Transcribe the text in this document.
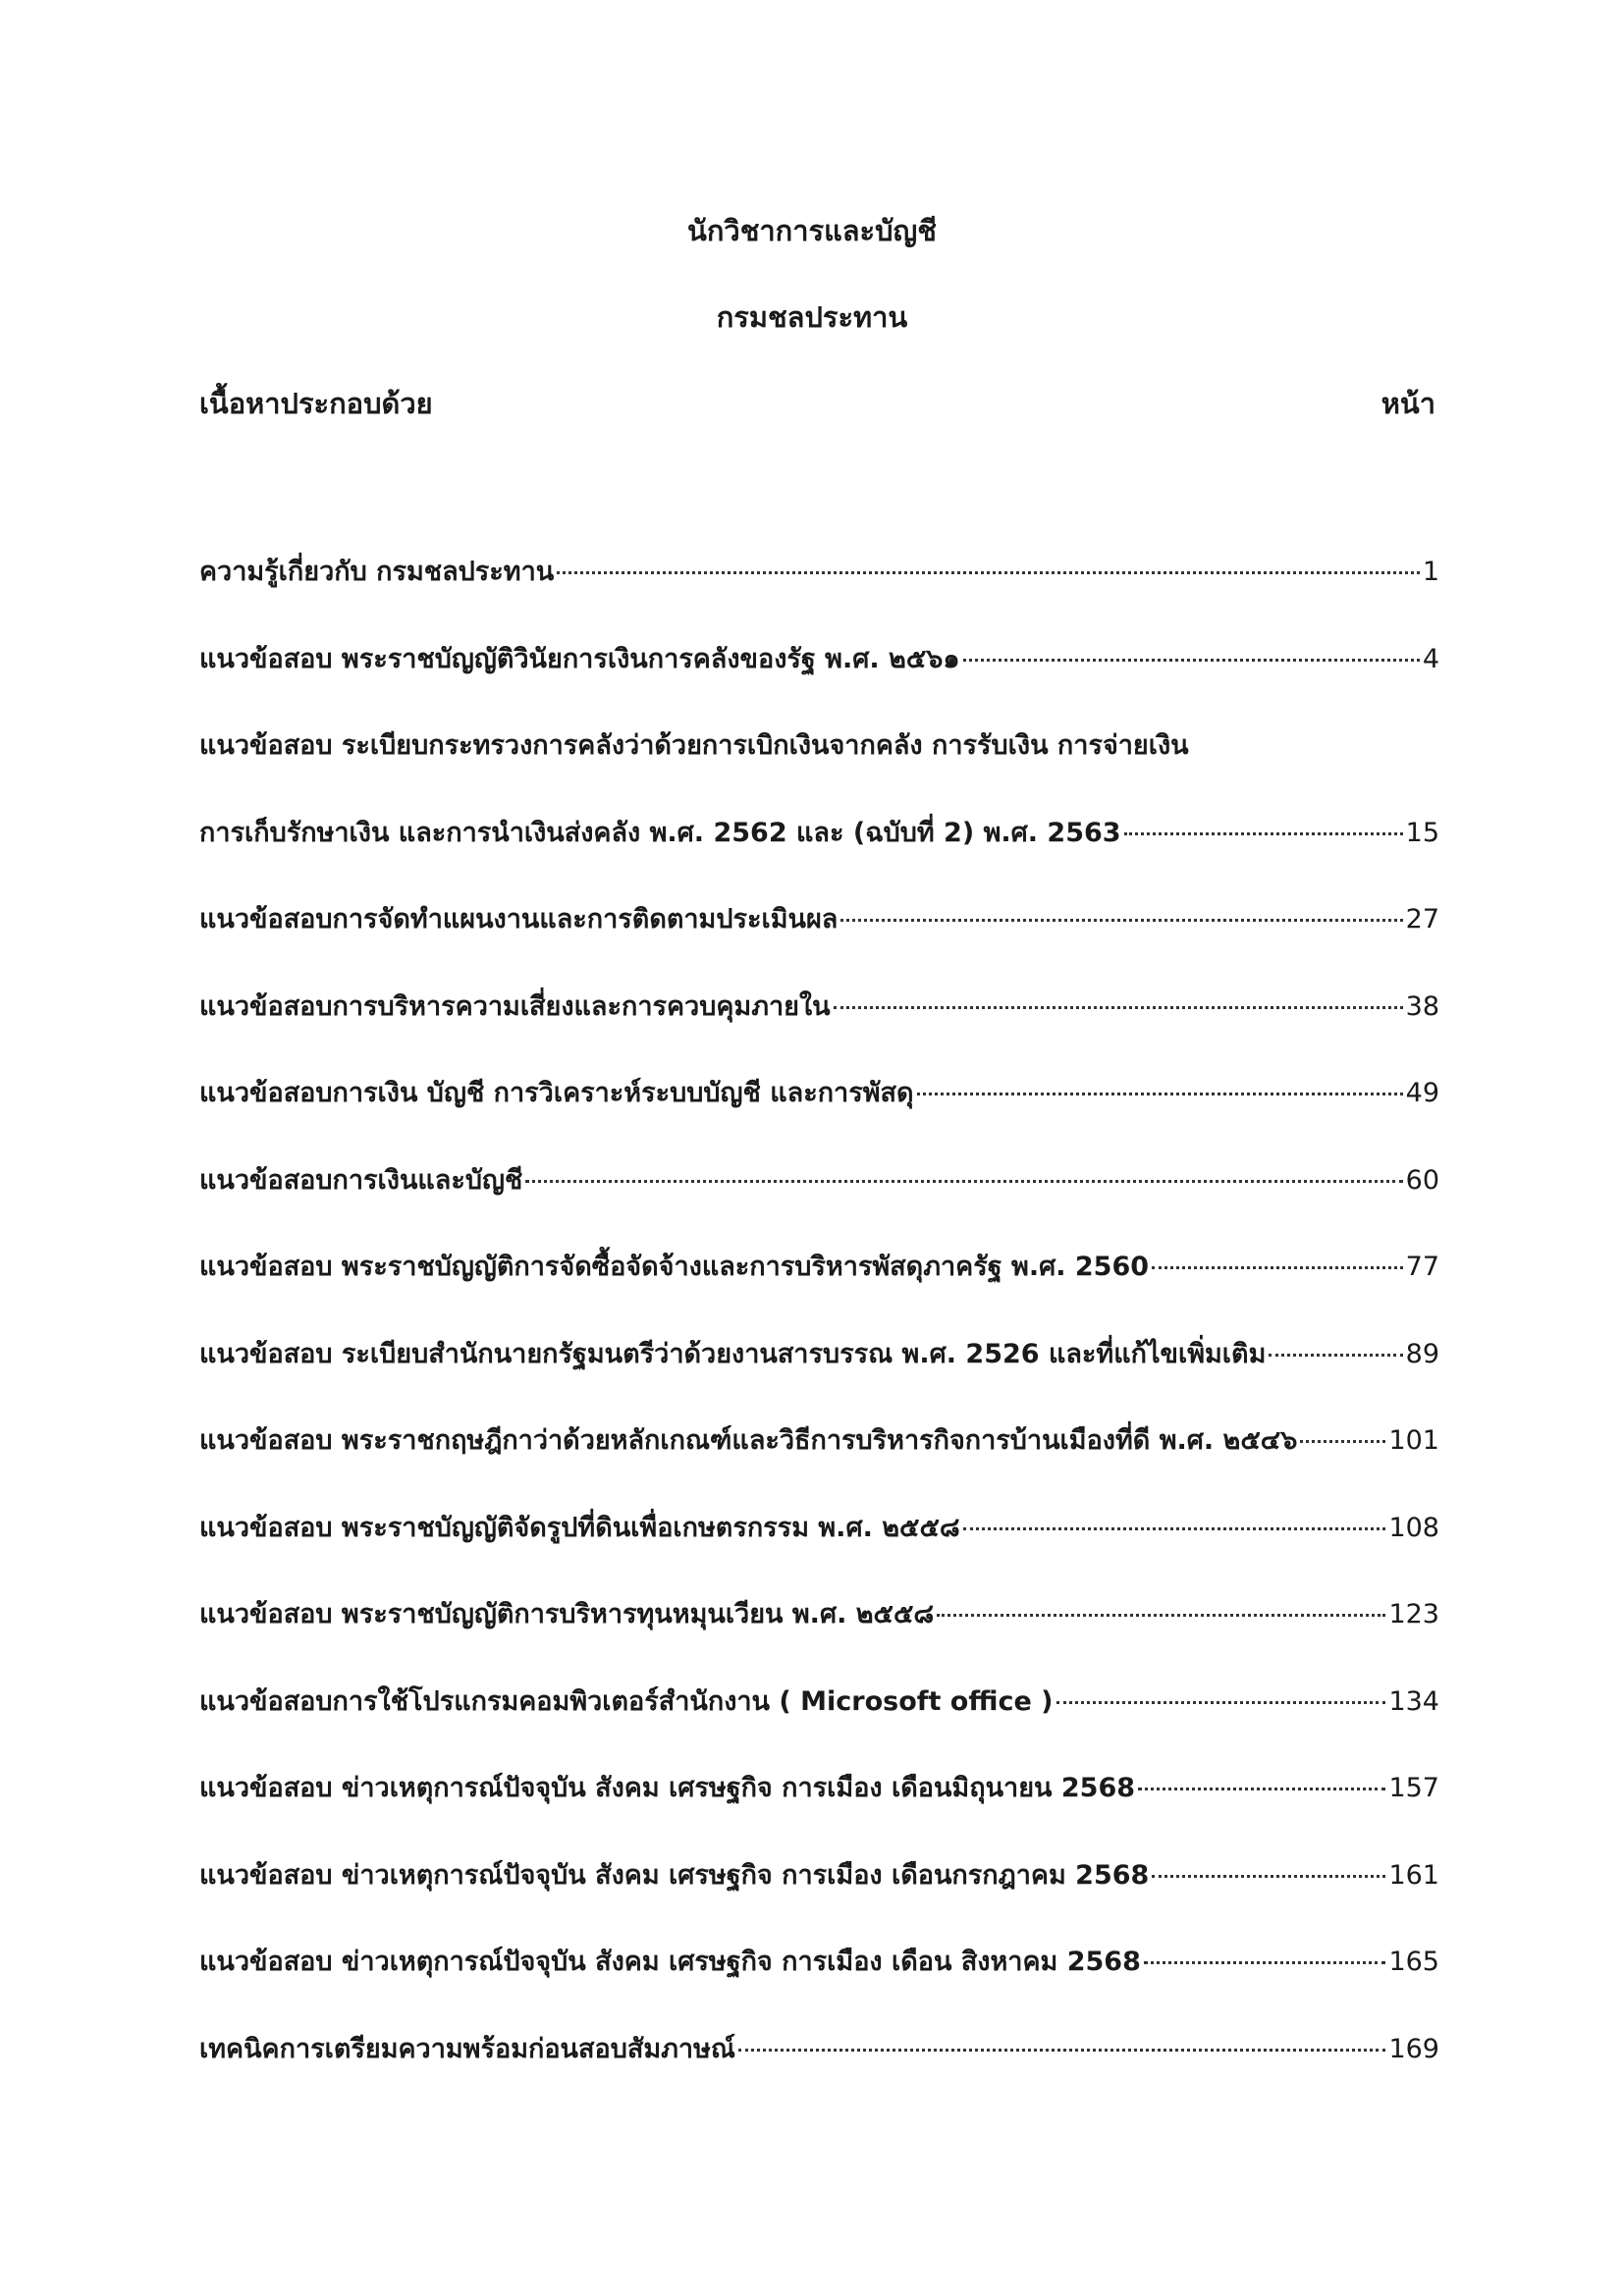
นักวิชาการและบัญชี
กรมชลประทาน
เนื้อหาประกอบด้วย	หน้า
ความรู้เกี่ยวกับ กรมชลประทาน	1
แนวข้อสอบ พระราชบัญญัติวินัยการเงินการคลังของรัฐ พ.ศ. ๒๕๖๑	4
แนวข้อสอบ ระเบียบกระทรวงการคลังว่าด้วยการเบิกเงินจากคลัง การรับเงิน การจ่ายเงิน
การเก็บรักษาเงิน และการนำเงินส่งคลัง พ.ศ. 2562 และ (ฉบับที่ 2) พ.ศ. 2563	15
แนวข้อสอบการจัดทำแผนงานและการติดตามประเมินผล	27
แนวข้อสอบการบริหารความเสี่ยงและการควบคุมภายใน	38
แนวข้อสอบการเงิน บัญชี การวิเคราะห์ระบบบัญชี และการพัสดุ	49
แนวข้อสอบการเงินและบัญชี	60
แนวข้อสอบ พระราชบัญญัติการจัดซื้อจัดจ้างและการบริหารพัสดุภาครัฐ พ.ศ. 2560	77
แนวข้อสอบ ระเบียบสำนักนายกรัฐมนตรีว่าด้วยงานสารบรรณ พ.ศ. 2526 และที่แก้ไขเพิ่มเติม	89
แนวข้อสอบ พระราชกฤษฎีกาว่าด้วยหลักเกณฑ์และวิธีการบริหารกิจการบ้านเมืองที่ดี พ.ศ. ๒๕๔๖	101
แนวข้อสอบ พระราชบัญญัติจัดรูปที่ดินเพื่อเกษตรกรรม พ.ศ. ๒๕๕๘	108
แนวข้อสอบ พระราชบัญญัติการบริหารทุนหมุนเวียน พ.ศ. ๒๕๕๘	123
แนวข้อสอบการใช้โปรแกรมคอมพิวเตอร์สำนักงาน ( Microsoft office )	134
แนวข้อสอบ ข่าวเหตุการณ์ปัจจุบัน สังคม เศรษฐกิจ การเมือง เดือนมิถุนายน 2568	157
แนวข้อสอบ ข่าวเหตุการณ์ปัจจุบัน สังคม เศรษฐกิจ การเมือง เดือนกรกฎาคม 2568	161
แนวข้อสอบ ข่าวเหตุการณ์ปัจจุบัน สังคม เศรษฐกิจ การเมือง เดือน สิงหาคม 2568	165
เทคนิคการเตรียมความพร้อมก่อนสอบสัมภาษณ์	169
